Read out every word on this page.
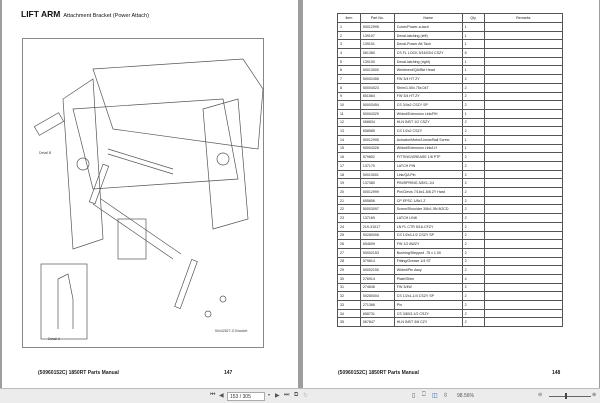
LIFT ARM Attachment Bracket (Power Attach)
Detail B
Detail A
50442827-G Bracket
(50960152C) 1850RT Parts Manual	147
Item	Part No.	Name	Qty	Remarks
1	50012995	Cover/Power-a-tach	1	
2	139107	Decal-latching (left)	1	
3	139101	Decal-Power Att Tach	1	
4	061380	CS FL LOCK 5/16X3/4 CSZY	6	
5	139100	Decal-latching (right)	1	
6	50013000	Weldment/QA/Bkt Head	1	
7	50002455	FW 3/4 HT ZY	2	
8	50004023	Shim/1.50x.75x.04T	2	
9	651564	FW 3/4 HT ZY	2	
10	50003454	CS 3/4x2 CSZY SP	2	
11	50004329	Wldmt/Extension Link/RH	1	
12	068834	HLN INST 1/2 CSZY	2	
13	658585	CS 1/2x2 CSZY	2	
14	50012995	Actuator/Motor/Linear/Ball Screw	1	
15	50004328	Wldmt/Extension Link/LH	1	
16	579802	FITTING/GREASE 1/8 PTF	2	
17	137170	LATCH PIN	2	
18	50013001	Link/QA Pin	2	
19	137380	PIN/SPRING 3/8X1-1/4	2	
20	50012999	Pin/Clevis 7/16x1-5/8 ZY Hard	2	
21	655806	CP EPSC 1/8x1 Z	2	
22	50003097	Screw/Shoulder 3/8x1.5N 8OCD	2	
23	137169	LATCH LINK	2	
24	219-31017	LN FL CTR 5/16-CFZY	2	
25	50280006	CS 1/2x3-1/2 CSZY SP	2	
26	654609	FW 1/2 AWZY	2	
27	50002153	Bushing/Stepped .75 x 1.00	2	
28	579814	Fitting/Grease 1/4 ST	2	
29	50002150	Wldmt/Pin Assy	2	
30	276914	Plate/Shim	4	
31	274636	FW 3/4W	2	
32	50280004	CS 1/2x1-1/4 CSZY SP	2	
33	271366	Pin	2	
34	658731	CS 3/8X3-1/2 CSZY	2	
35	067847	HLN INST 3/8 CZY	2	
(50960152C) 1850RT Parts Manual	148
⏮ ◀	153 / 305	▾ ▶ ⏭ ⧉ ↻	▯ ⎕ ◫ ⇳ 98.56%	⊖	⊕
